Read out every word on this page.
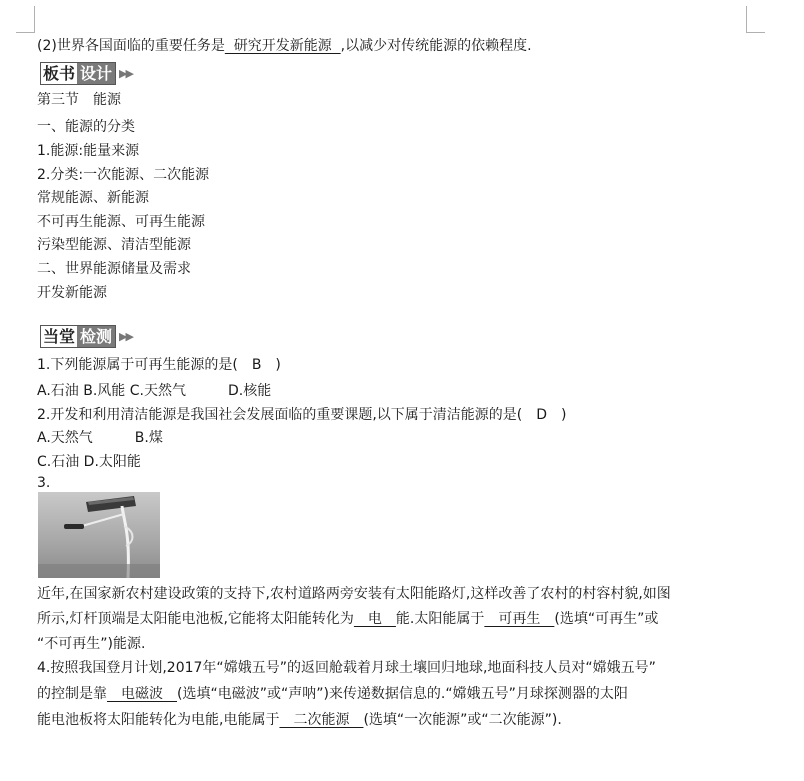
(2)世界各国面临的重要任务是  研究开发新能源  ,以减少对传统能源的依赖程度.
板书 设计 ▶▶
第三节　能源
一、能源的分类
1.能源:能量来源
2.分类:一次能源、二次能源
常规能源、新能源
不可再生能源、可再生能源
污染型能源、清洁型能源
二、世界能源储量及需求
开发新能源
当堂 检测 ▶▶
1.下列能源属于可再生能源的是(　B　)
A.石油 B.风能 C.天然气　　　D.核能
2.开发和利用清洁能源是我国社会发展面临的重要课题,以下属于清洁能源的是(　D　)
A.天然气　　　B.煤
C.石油 D.太阳能
3.
近年,在国家新农村建设政策的支持下,农村道路两旁安装有太阳能路灯,这样改善了农村的村容村貌,如图
所示,灯杆顶端是太阳能电池板,它能将太阳能转化为　电　能.太阳能属于　可再生　(选填“可再生”或
“不可再生”)能源.
4.按照我国登月计划,2017年“嫦娥五号”的返回舱载着月球土壤回归地球,地面科技人员对“嫦娥五号”
的控制是靠　电磁波　(选填“电磁波”或“声呐”)来传递数据信息的.“嫦娥五号”月球探测器的太阳
能电池板将太阳能转化为电能,电能属于　二次能源　(选填“一次能源”或“二次能源”).
